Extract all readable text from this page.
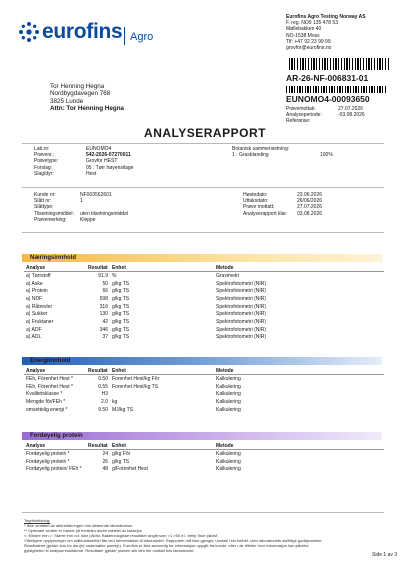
eurofins Agro
Eurofins Agro Testing Norway AS
F. reg. NO9 135 478 53
Møllebakken 40
NO-1538 Moss
Tlf: +47 92 23 99 99
grovfor@eurofins.no
Tor Henning Hegna
Nordbygdavegen 768
3825 Lunde
Attn: Tor Henning Hegna
AR-26-NF-006831-01
EUNOMO4-00093650
Prøvemottak:	27.07.2026
Analyseperiode:	-03.08.2026
Referanse:
ANALYSERAPPORT
Lab.nr:	EUNOMO4
Prøvenr.:	542-2026-07270011
Prøvetype:	Grovfor HEST
Forslag:	05 : Tørr høyensilage
Slag/dyr:	Hest
Botanisk sammensetning:
1 : Grasblanding	100%
Kunde nr:	NF003562601
Slått nr:	1
Slåttype:
Tilsetningsmiddel: uten tilsetningsmiddel
Prøvemerking:	Kleppe
Høstedato:	23.06.2026
Uttaksdato:	26/06/2026
Prøve mottatt:	27.07.2026
Analyserapport klar: 03.08.2026
Næringsinnhold
Analyse	Resultat	Enhet	Metode
a) Tørrstoff	91.9	%	Gravimetri
a) Aske	50	g/kg TS	Spektrofotometri (NIR)
a) Protein	66	g/kg TS	Spektrofotometri (NIR)
a) NDF	598	g/kg TS	Spektrofotometri (NIR)
a) Råtrevler	316	g/kg TS	Spektrofotometri (NIR)
a) Sukker	130	g/kg TS	Spektrofotometri (NIR)
a) Fruktaner	42	g/kg TS	Spektrofotometri (NIR)
a) ADF	346	g/kg TS	Spektrofotometri (NIR)
a) ADL	37	g/kg TS	Spektrofotometri (NIR)
Energiinnhold
Analyse	Resultat	Enhet	Metode
FEh, Förenhet Hest *	0.50	Forenhet Hest/kg Fôr	Kalkulering
FEh, Förenhet Hest *	0.55	Forenhet Hest/kg TS	Kalkulering
Kvalitetsklasse *	H3		Kalkulering
Mengde fôr/FEh *	2.0	kg	Kalkulering
omsettelig energi *	9.50	MJ/kg TS	Kalkulering
Fordøyelig protein
Analyse	Resultat	Enhet	Metode
Fordøyelig protein *	24	g/kg Fôr	Kalkulering
Fordøyelig protein *	26	g/kg TS	Kalkulering
Fordøyelig protein/ FEh *	48	g/Forenhet Hest	Kalkulering
Tegnforklaring:
* Ikke omfattet av akkrediteringen hos utførende laboratorium
** Optimale verdier er basert på meileiku andre faktelel av laksejon
<: Mindre enn >: Større enn nd: Ikke påvist. Bakteriologiske resultater angitt som <1 >50 e.l. betyr 'ikke påvist'.
Ytterligere opplysninger om måleusikkerhet fås ved henvendelse til laboratoriet. Rapporten må ikke gjengis, unntatt i sin helhet, uten laboratoriets skriftlige godkjennelse.
Resultatene gjelder kun for den(e) undersøkte prøve(r). Eurofins er ikke ansvarlig for informasjon oppgitt fra kunde, eller i de tilfeller hvor informasjon kan påvirke
gyldigheten til analyseresultatene. Resultater gjelder prøven slik den ble mottatt hos laboratoriet.
Side 1 av 3
